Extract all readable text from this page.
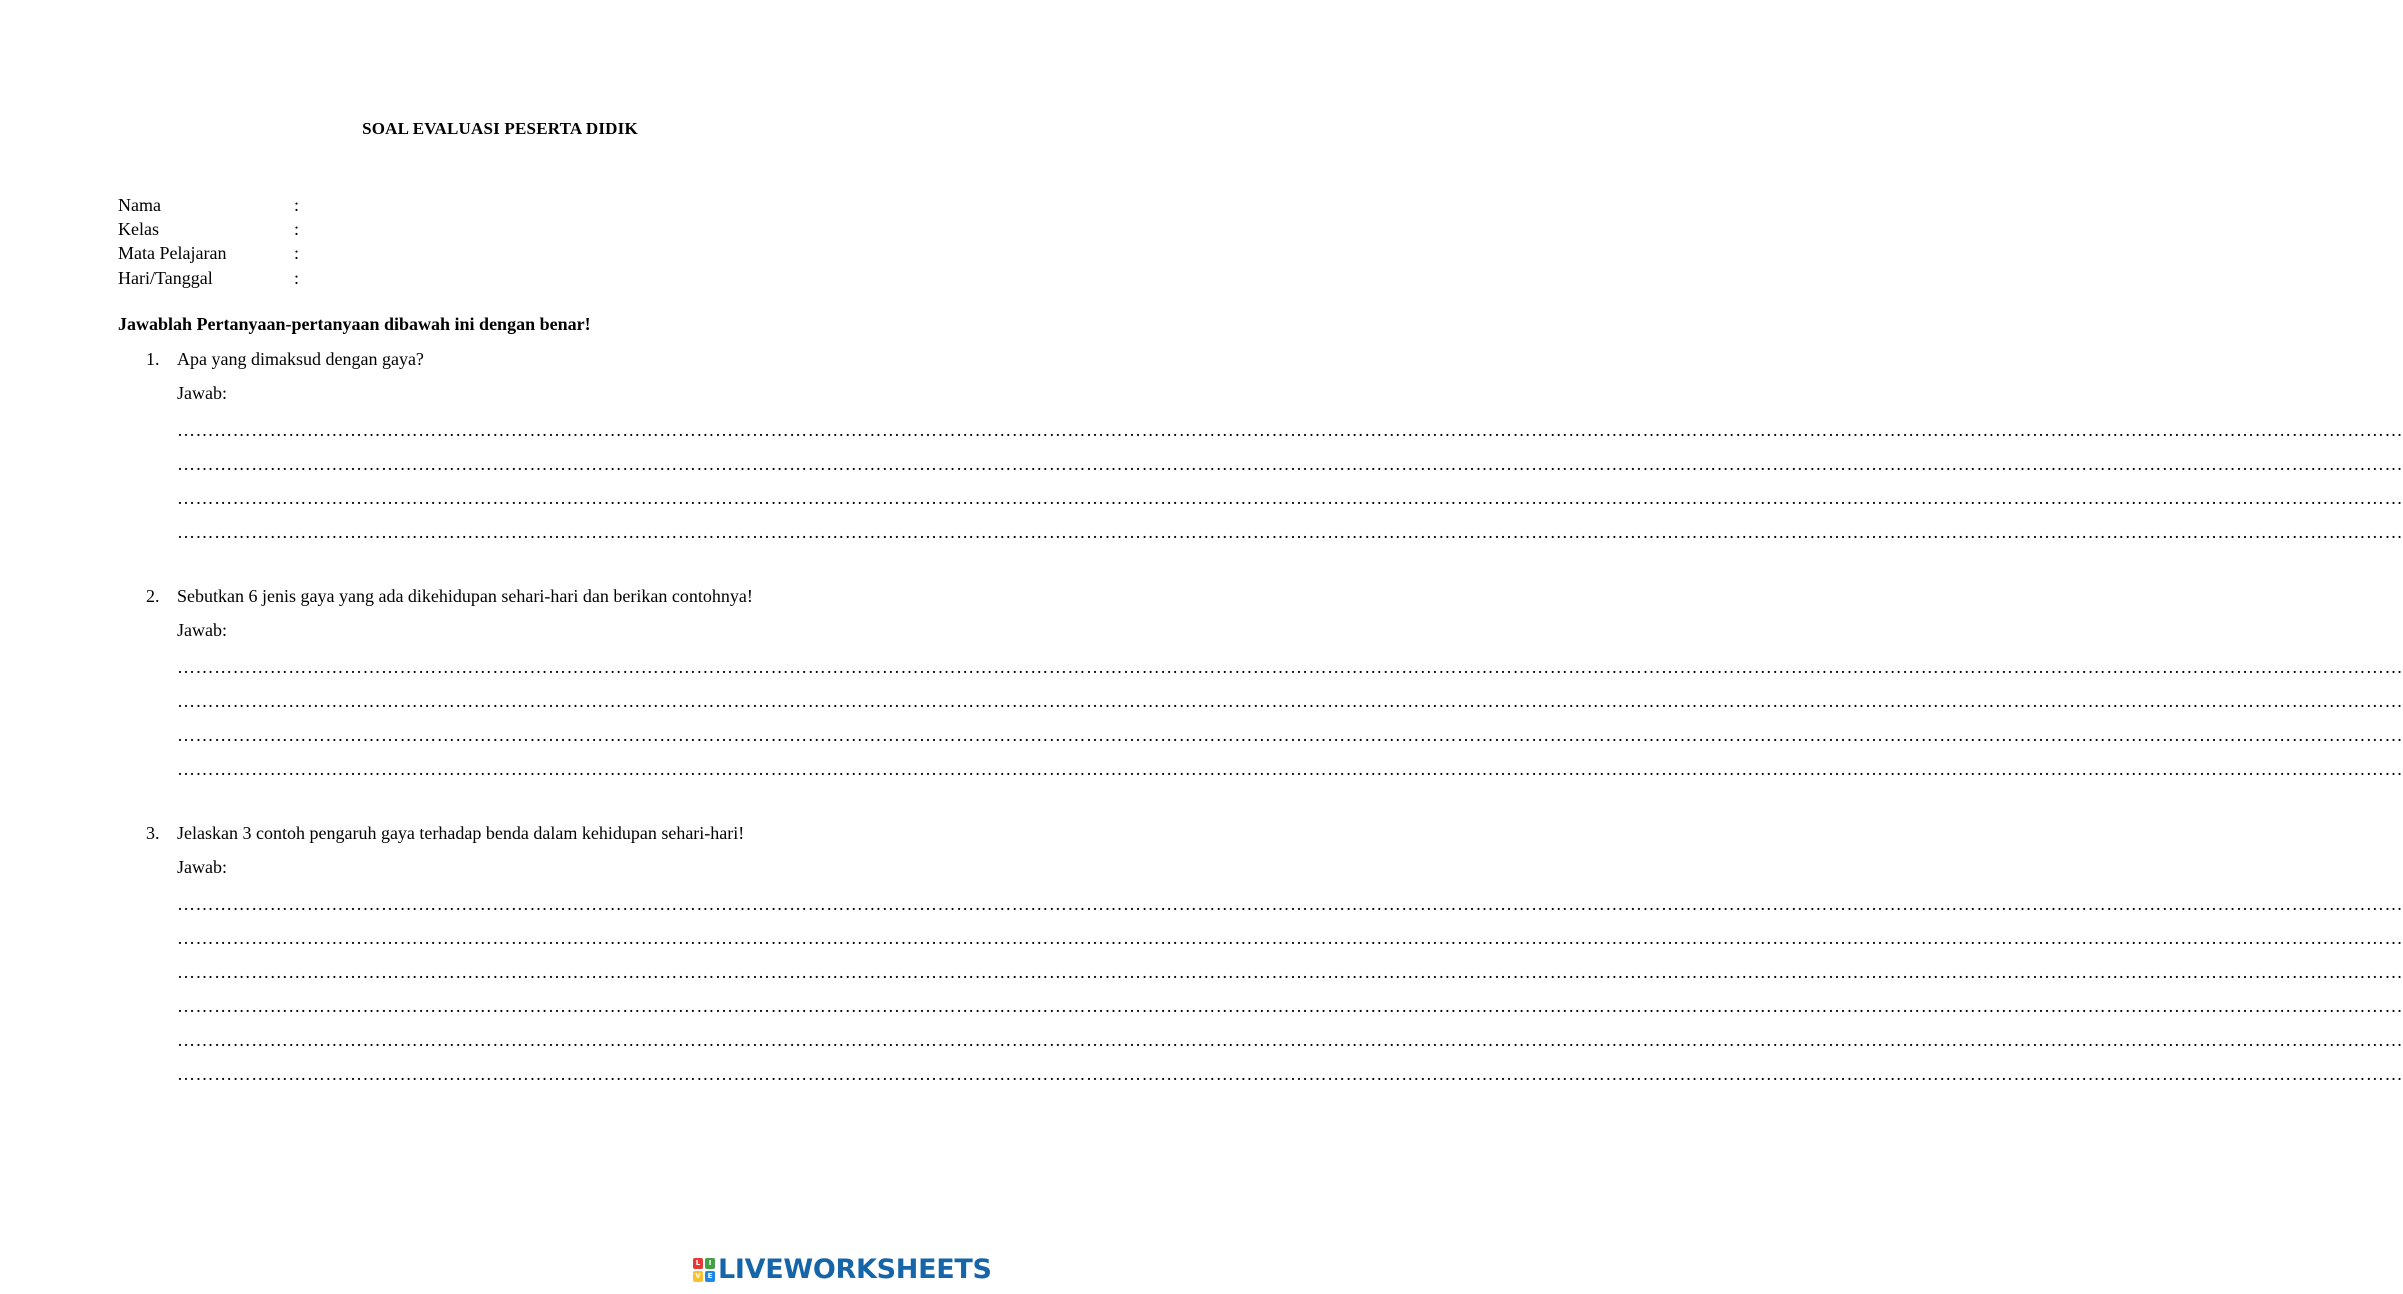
SOAL EVALUASI PESERTA DIDIK
Nama	:
Kelas	:
Mata Pelajaran	:
Hari/Tanggal	:
Jawablah Pertanyaan-pertanyaan dibawah ini dengan benar!
1. Apa yang dimaksud dengan gaya?
Jawab:
………………………………………………………………………………………………………………………………………………………………………………………………………………………………………………………………………………………………………………………………
………………………………………………………………………………………………………………………………………………………………………………………………………………………………………………………………………………………………………………………………
………………………………………………………………………………………………………………………………………………………………………………………………………………………………………………………………………………………………………………………………
………………………………………………………………………………………………………………………………………………………………………………………………………………………………………………………………………………………………………………………………
2. Sebutkan 6 jenis gaya yang ada dikehidupan sehari-hari dan berikan contohnya!
Jawab:
………………………………………………………………………………………………………………………………………………………………………………………………………………………………………………………………………………………………………………………………
………………………………………………………………………………………………………………………………………………………………………………………………………………………………………………………………………………………………………………………………
………………………………………………………………………………………………………………………………………………………………………………………………………………………………………………………………………………………………………………………………
………………………………………………………………………………………………………………………………………………………………………………………………………………………………………………………………………………………………………………………………
3. Jelaskan 3 contoh pengaruh gaya terhadap benda dalam kehidupan sehari-hari!
Jawab:
………………………………………………………………………………………………………………………………………………………………………………………………………………………………………………………………………………………………………………………………
………………………………………………………………………………………………………………………………………………………………………………………………………………………………………………………………………………………………………………………………
………………………………………………………………………………………………………………………………………………………………………………………………………………………………………………………………………………………………………………………………
………………………………………………………………………………………………………………………………………………………………………………………………………………………………………………………………………………………………………………………………
………………………………………………………………………………………………………………………………………………………………………………………………………………………………………………………………………………………………………………………………
………………………………………………………………………………………………………………………………………………………………………………………………………………………………………………………………………………………………………………………………
L	I
V E LIVEWORKSHEETS
